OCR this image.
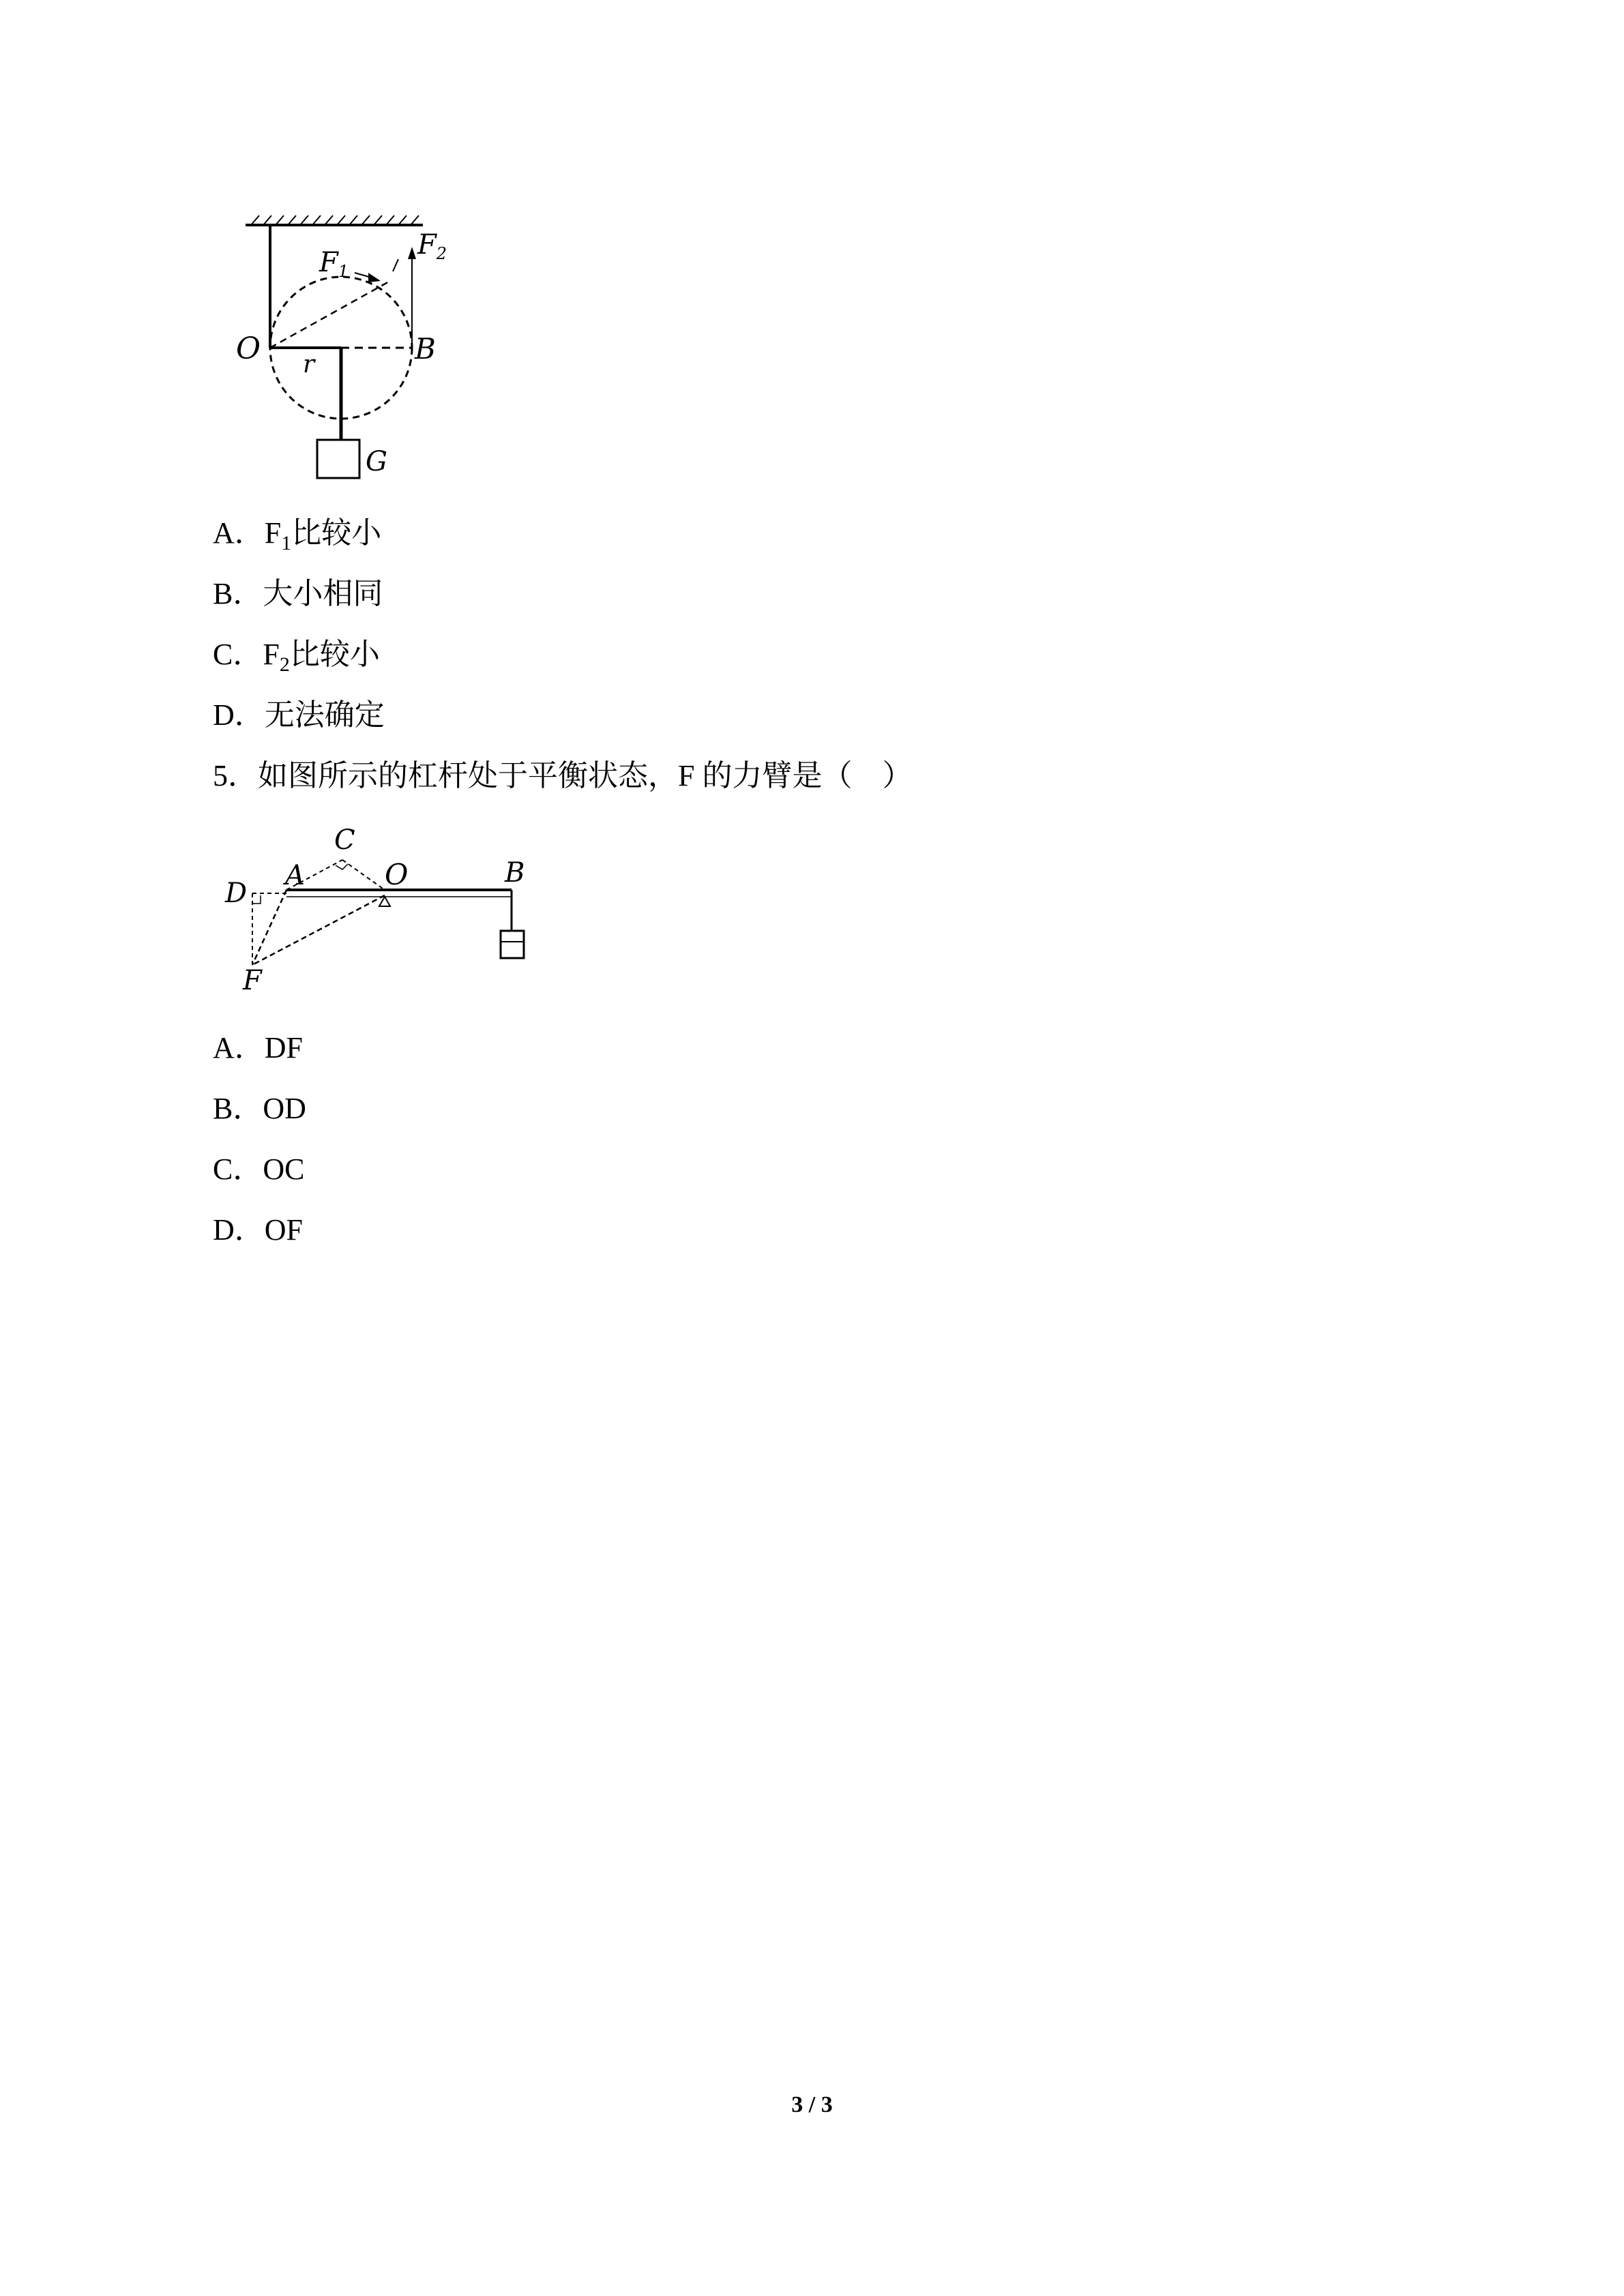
$F_1$
$F_2$
O	B
r
G
A．$F_1$比较小
B．大小相同
C．$F_2$比较小
D．无法确定
5．如图所示的杠杆处于平衡状态，F 的力臂是（　）
C
D
A	O	B
F
A．DF
B．OD
C．OC
D．OF
3 / 3
